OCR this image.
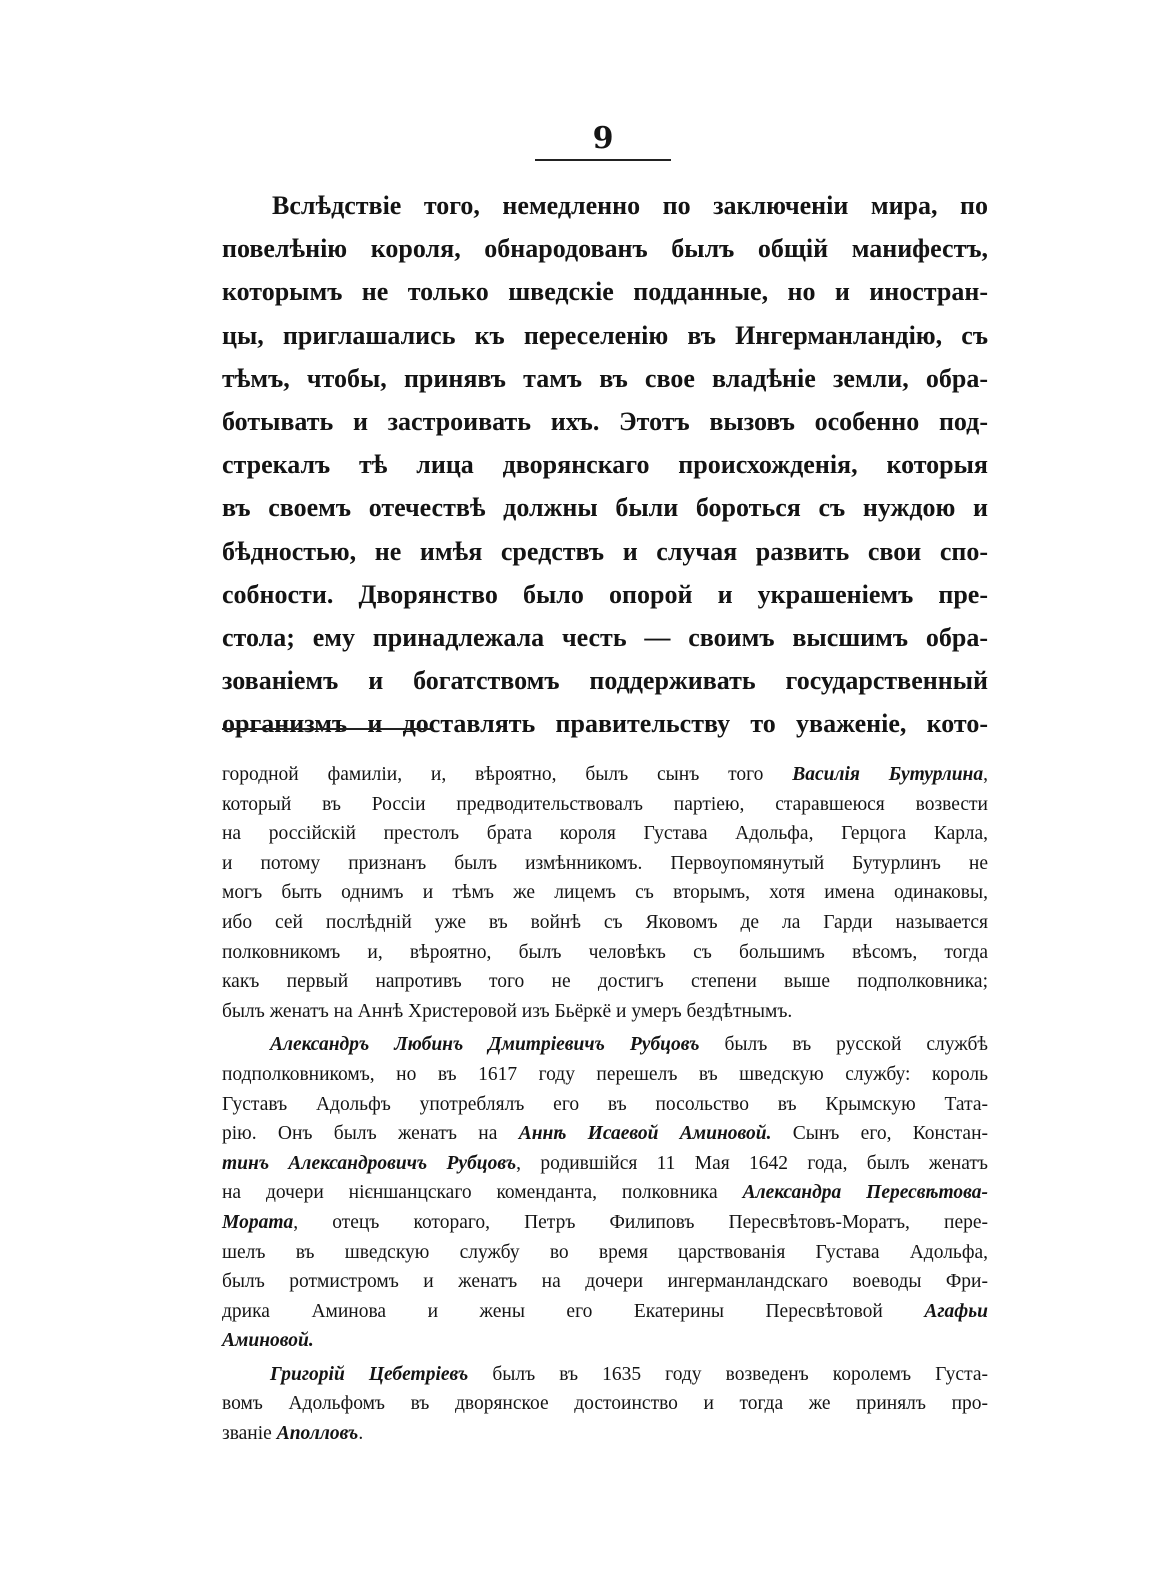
9
Вслѣдствіе того, немедленно по заключеніи мира, по
повелѣнію короля, обнародованъ былъ общій манифестъ,
которымъ не только шведскіе подданные, но и иностран-
цы, приглашались къ переселенію въ Ингерманландію, съ
тѣмъ, чтобы, принявъ тамъ въ свое владѣніе земли, обра-
ботывать и застроивать ихъ. Этотъ вызовъ особенно под-
стрекалъ тѣ лица дворянскаго происхожденія, которыя
въ своемъ отечествѣ должны были бороться съ нуждою и
бѣдностью, не имѣя средствъ и случая развить свои спо-
собности. Дворянство было опорой и украшеніемъ пре-
стола; ему принадлежала честь — своимъ высшимъ обра-
зованіемъ и богатствомъ поддерживать государственный
организмъ и доставлять правительству то уваженіе, кото-
городной фамиліи, и, вѣроятно, былъ сынъ того Василія Бутурлина,
который въ Россіи предводительствовалъ партіею, старавшеюся возвести
на россійскій престолъ брата короля Густава Адольфа, Герцога Карла,
и потому признанъ былъ измѣнникомъ. Первоупомянутый Бутурлинъ не
могъ быть однимъ и тѣмъ же лицемъ съ вторымъ, хотя имена одинаковы,
ибо сей послѣдній уже въ войнѣ съ Яковомъ де ла Гарди называется
полковникомъ и, вѣроятно, былъ человѣкъ съ большимъ вѣсомъ, тогда
какъ первый напротивъ того не достигъ степени выше подполковника;
былъ женатъ на Аннѣ Христеровой изъ Бьёркё и умеръ бездѣтнымъ.
Александръ Любинъ Дмитріевичъ Рубцовъ былъ въ русской службѣ
подполковникомъ, но въ 1617 году перешелъ въ шведскую службу: король
Густавъ Адольфъ употреблялъ его въ посольство въ Крымскую Тата-
рію. Онъ былъ женатъ на Аннѣ Исаевой Аминовой. Сынъ его, Констан-
тинъ Александровичъ Рубцовъ, родившійся 11 Мая 1642 года, былъ женатъ
на дочери нієншанцскаго коменданта, полковника Александра Пересвѣтова-
Мората, отецъ котораго, Петръ Филиповъ Пересвѣтовъ-Моратъ, пере-
шелъ въ шведскую службу во время царствованія Густава Адольфа,
былъ ротмистромъ и женатъ на дочери ингерманландскаго воеводы Фри-
дрика Аминова и жены его Екатерины Пересвѣтовой Агафьи
Аминовой.
Григорій Цебетріевъ былъ въ 1635 году возведенъ королемъ Густа-
вомъ Адольфомъ въ дворянское достоинство и тогда же принялъ про-
званіе Аполловъ.
